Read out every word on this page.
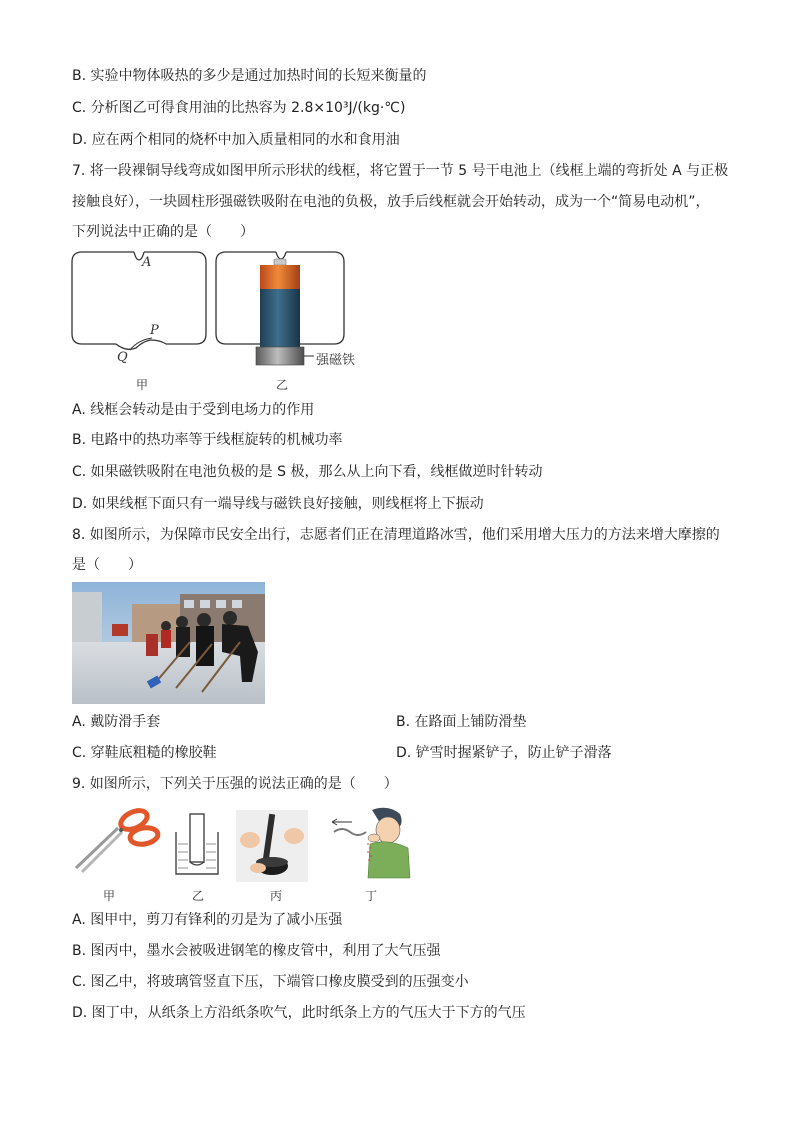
B. 实验中物体吸热的多少是通过加热时间的长短来衡量的
C. 分析图乙可得食用油的比热容为 2.8×10³J/(kg·℃)
D. 应在两个相同的烧杯中加入质量相同的水和食用油
7. 将一段裸铜导线弯成如图甲所示形状的线框，将它置于一节 5 号干电池上（线框上端的弯折处 A 与正极
接触良好），一块圆柱形强磁铁吸附在电池的负极，放手后线框就会开始转动，成为一个“简易电动机”，
下列说法中正确的是（　　）
A
P
Q
甲
强磁铁
乙
A. 线框会转动是由于受到电场力的作用
B. 电路中的热功率等于线框旋转的机械功率
C. 如果磁铁吸附在电池负极的是 S 极，那么从上向下看，线框做逆时针转动
D. 如果线框下面只有一端导线与磁铁良好接触，则线框将上下振动
8. 如图所示，为保障市民安全出行，志愿者们正在清理道路冰雪，他们采用增大压力的方法来增大摩擦的
是（　　）
A. 戴防滑手套	B. 在路面上铺防滑垫
C. 穿鞋底粗糙的橡胶鞋	D. 铲雪时握紧铲子，防止铲子滑落
9. 如图所示，下列关于压强的说法正确的是（　　）
甲	乙	丙	丁
A. 图甲中，剪刀有锋利的刃是为了减小压强
B. 图丙中，墨水会被吸进钢笔的橡皮管中，利用了大气压强
C. 图乙中，将玻璃管竖直下压，下端管口橡皮膜受到的压强变小
D. 图丁中，从纸条上方沿纸条吹气，此时纸条上方的气压大于下方的气压
